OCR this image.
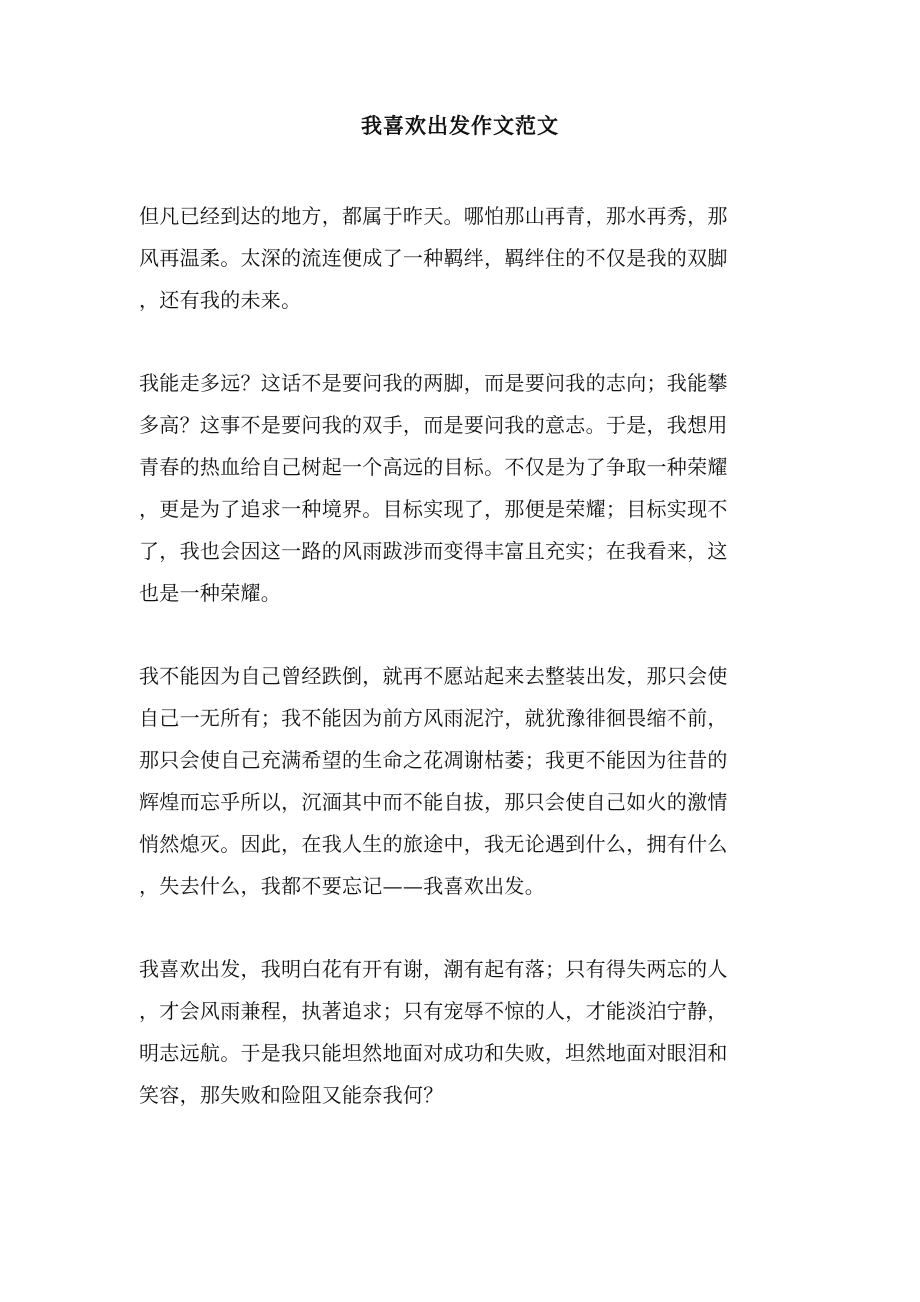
我喜欢出发作文范文

但凡已经到达的地方，都属于昨天。哪怕那山再青，那水再秀，那
风再温柔。太深的流连便成了一种羁绊，羁绊住的不仅是我的双脚
，还有我的未来。

我能走多远？这话不是要问我的两脚，而是要问我的志向；我能攀
多高？这事不是要问我的双手，而是要问我的意志。于是，我想用
青春的热血给自己树起一个高远的目标。不仅是为了争取一种荣耀
，更是为了追求一种境界。目标实现了，那便是荣耀；目标实现不
了，我也会因这一路的风雨跋涉而变得丰富且充实；在我看来，这
也是一种荣耀。

我不能因为自己曾经跌倒，就再不愿站起来去整装出发，那只会使
自己一无所有；我不能因为前方风雨泥泞，就犹豫徘徊畏缩不前，
那只会使自己充满希望的生命之花凋谢枯萎；我更不能因为往昔的
辉煌而忘乎所以，沉湎其中而不能自拔，那只会使自己如火的激情
悄然熄灭。因此，在我人生的旅途中，我无论遇到什么，拥有什么
，失去什么，我都不要忘记——我喜欢出发。

我喜欢出发，我明白花有开有谢，潮有起有落；只有得失两忘的人
，才会风雨兼程，执著追求；只有宠辱不惊的人，才能淡泊宁静，
明志远航。于是我只能坦然地面对成功和失败，坦然地面对眼泪和
笑容，那失败和险阻又能奈我何？
